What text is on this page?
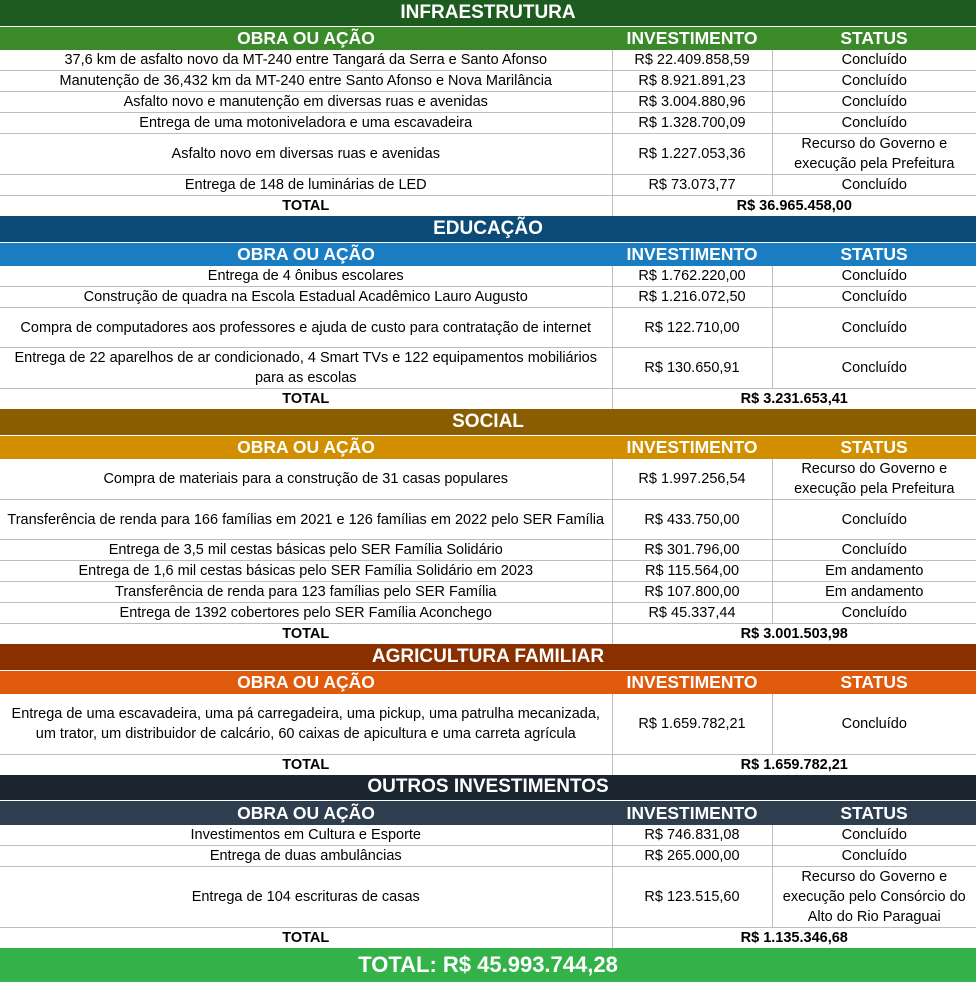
INFRAESTRUTURA		
OBRA OU AÇÃO	INVESTIMENTO	STATUS
37,6 km de asfalto novo da MT-240 entre Tangará da Serra e Santo Afonso	R$ 22.409.858,59	Concluído
Manutenção de 36,432 km da MT-240 entre Santo Afonso e Nova Marilância	R$ 8.921.891,23	Concluído
Asfalto novo e manutenção em diversas ruas e avenidas	R$ 3.004.880,96	Concluído
Entrega de uma motoniveladora e uma escavadeira	R$ 1.328.700,09	Concluído
Asfalto novo em diversas ruas e avenidas	R$ 1.227.053,36	Recurso do Governo e execução pela Prefeitura
Entrega de 148 de luminárias de LED	R$ 73.073,77	Concluído
TOTAL	R$ 36.965.458,00	
EDUCAÇÃO		
OBRA OU AÇÃO	INVESTIMENTO	STATUS
Entrega de 4 ônibus escolares	R$ 1.762.220,00	Concluído
Construção de quadra na Escola Estadual Acadêmico Lauro Augusto	R$ 1.216.072,50	Concluído
Compra de computadores aos professores e ajuda de custo para contratação de internet	R$ 122.710,00	Concluído
Entrega de 22 aparelhos de ar condicionado, 4 Smart TVs e 122 equipamentos mobiliários para as escolas	R$ 130.650,91	Concluído
TOTAL	R$ 3.231.653,41	
SOCIAL		
OBRA OU AÇÃO	INVESTIMENTO	STATUS
Compra de materiais para a construção de 31 casas populares	R$ 1.997.256,54	Recurso do Governo e execução pela Prefeitura
Transferência de renda para 166 famílias em 2021 e 126 famílias em 2022 pelo SER Família	R$ 433.750,00	Concluído
Entrega de 3,5 mil cestas básicas pelo SER Família Solidário	R$ 301.796,00	Concluído
Entrega de 1,6 mil cestas básicas pelo SER Família Solidário em 2023	R$ 115.564,00	Em andamento
Transferência de renda para 123 famílias pelo SER Família	R$ 107.800,00	Em andamento
Entrega de 1392 cobertores pelo SER Família Aconchego	R$ 45.337,44	Concluído
TOTAL	R$ 3.001.503,98	
AGRICULTURA FAMILIAR		
OBRA OU AÇÃO	INVESTIMENTO	STATUS
Entrega de uma escavadeira, uma pá carregadeira, uma pickup, uma patrulha mecanizada, um trator, um distribuidor de calcário, 60 caixas de apicultura e uma carreta agrícula	R$ 1.659.782,21	Concluído
TOTAL	R$ 1.659.782,21	
OUTROS INVESTIMENTOS		
OBRA OU AÇÃO	INVESTIMENTO	STATUS
Investimentos em Cultura e Esporte	R$ 746.831,08	Concluído
Entrega de duas ambulâncias	R$ 265.000,00	Concluído
Entrega de 104 escrituras de casas	R$ 123.515,60	Recurso do Governo e execução pelo Consórcio do Alto do Rio Paraguai
TOTAL	R$ 1.135.346,68	
TOTAL: R$ 45.993.744,28		
